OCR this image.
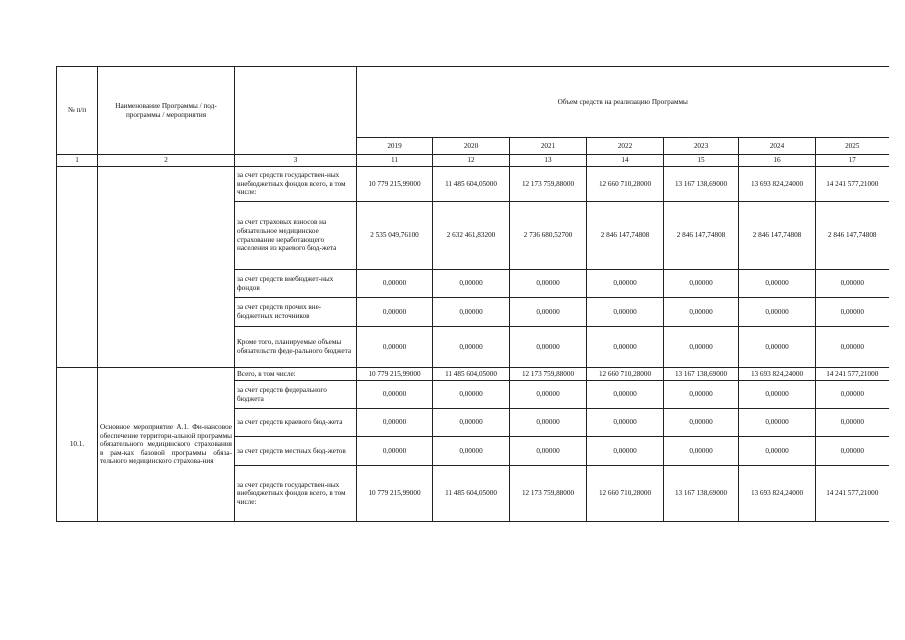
№ п/п	Наименование Программы / под-программы / мероприятия		Объем средств на реализацию Программы						
			2019	2020	2021	2022	2023	2024	2025
1	2	3	11	12	13	14	15	16	17
		за счет средств государствен-ных внебюджетных фондов всего, в том числе:	10 779 215,99000	11 485 604,05000	12 173 759,88000	12 660 710,28000	13 167 138,69000	13 693 824,24000	14 241 577,21000
		за счет страховых взносов на обязательное медицинское страхование неработающего населения из краевого бюд-жета	2 535 049,76100	2 632 461,83200	2 736 680,52700	2 846 147,74808	2 846 147,74808	2 846 147,74808	2 846 147,74808
		за счет средств внебюджет-ных фондов	0,00000	0,00000	0,00000	0,00000	0,00000	0,00000	0,00000
		за счет средств прочих вне-бюджетных источников	0,00000	0,00000	0,00000	0,00000	0,00000	0,00000	0,00000
		Кроме того, планируемые объемы обязательств феде-рального бюджета	0,00000	0,00000	0,00000	0,00000	0,00000	0,00000	0,00000
10.1.	Основное мероприятие А.1. Фи-нансовое обеспечение территори-альной программы обязательного медицинского страхования в рам-ках базовой программы обяза-тельного медицинского страхова-ния	Всего, в том числе:	10 779 215,99000	11 485 604,05000	12 173 759,88000	12 660 710,28000	13 167 138,69000	13 693 824,24000	14 241 577,21000
		за счет средств федерального бюджета	0,00000	0,00000	0,00000	0,00000	0,00000	0,00000	0,00000
		за счет средств краевого бюд-жета	0,00000	0,00000	0,00000	0,00000	0,00000	0,00000	0,00000
		за счет средств местных бюд-жетов	0,00000	0,00000	0,00000	0,00000	0,00000	0,00000	0,00000
		за счет средств государствен-ных внебюджетных фондов всего, в том числе:	10 779 215,99000	11 485 604,05000	12 173 759,88000	12 660 710,28000	13 167 138,69000	13 693 824,24000	14 241 577,21000
